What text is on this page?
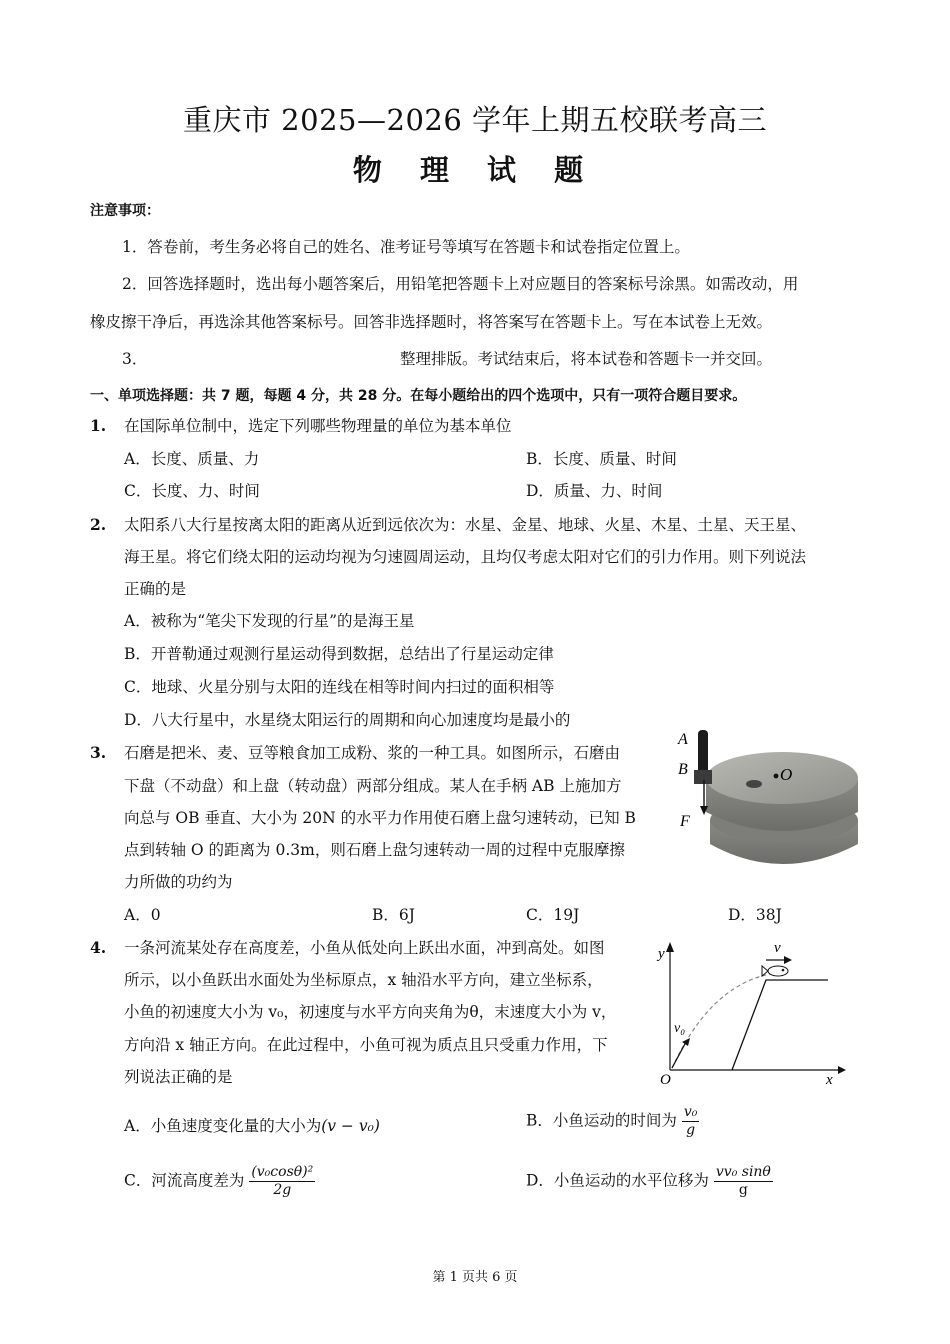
重庆市 2025—2026 学年上期五校联考高三
物 理 试 题
注意事项：
1．答卷前，考生务必将自己的姓名、准考证号等填写在答题卡和试卷指定位置上。
2．回答选择题时，选出每小题答案后，用铅笔把答题卡上对应题目的答案标号涂黑。如需改动，用
橡皮擦干净后，再选涂其他答案标号。回答非选择题时，将答案写在答题卡上。写在本试卷上无效。
3．	整理排版。考试结束后，将本试卷和答题卡一并交回。
一、单项选择题：共 7 题，每题 4 分，共 28 分。在每小题给出的四个选项中，只有一项符合题目要求。
1. 在国际单位制中，选定下列哪些物理量的单位为基本单位
A．长度、质量、力	B．长度、质量、时间
C．长度、力、时间	D．质量、力、时间
2. 太阳系八大行星按离太阳的距离从近到远依次为：水星、金星、地球、火星、木星、土星、天王星、
海王星。将它们绕太阳的运动均视为匀速圆周运动，且均仅考虑太阳对它们的引力作用。则下列说法
正确的是
A．被称为“笔尖下发现的行星”的是海王星
B．开普勒通过观测行星运动得到数据，总结出了行星运动定律
C．地球、火星分别与太阳的连线在相等时间内扫过的面积相等
D．八大行星中，水星绕太阳运行的周期和向心加速度均是最小的
3. 石磨是把米、麦、豆等粮食加工成粉、浆的一种工具。如图所示，石磨由
下盘（不动盘）和上盘（转动盘）两部分组成。某人在手柄 AB 上施加方
向总与 OB 垂直、大小为 20N 的水平力作用使石磨上盘匀速转动，已知 B
点到转轴 O 的距离为 0.3m，则石磨上盘匀速转动一周的过程中克服摩擦
力所做的功约为
A．0	B．6J	C．19J	D．38J
A
B	O
F
4. 一条河流某处存在高度差，小鱼从低处向上跃出水面，冲到高处。如图
所示，以小鱼跃出水面处为坐标原点，x 轴沿水平方向，建立坐标系，
小鱼的初速度大小为 v₀，初速度与水平方向夹角为θ，末速度大小为 v，
方向沿 x 轴正方向。在此过程中，小鱼可视为质点且只受重力作用，下
列说法正确的是
y
x
O
v
v₀
A．小鱼速度变化量的大小为(v − v₀)	B．小鱼运动的时间为 $\frac{\text{v₀}}{g}$
C．河流高度差为 $\frac{\text{(v₀cosθ)²}}{2g}$	D．小鱼运动的水平位移为 $\frac{\text{vv₀ sinθ}}{g}$
第 1 页共 6 页
